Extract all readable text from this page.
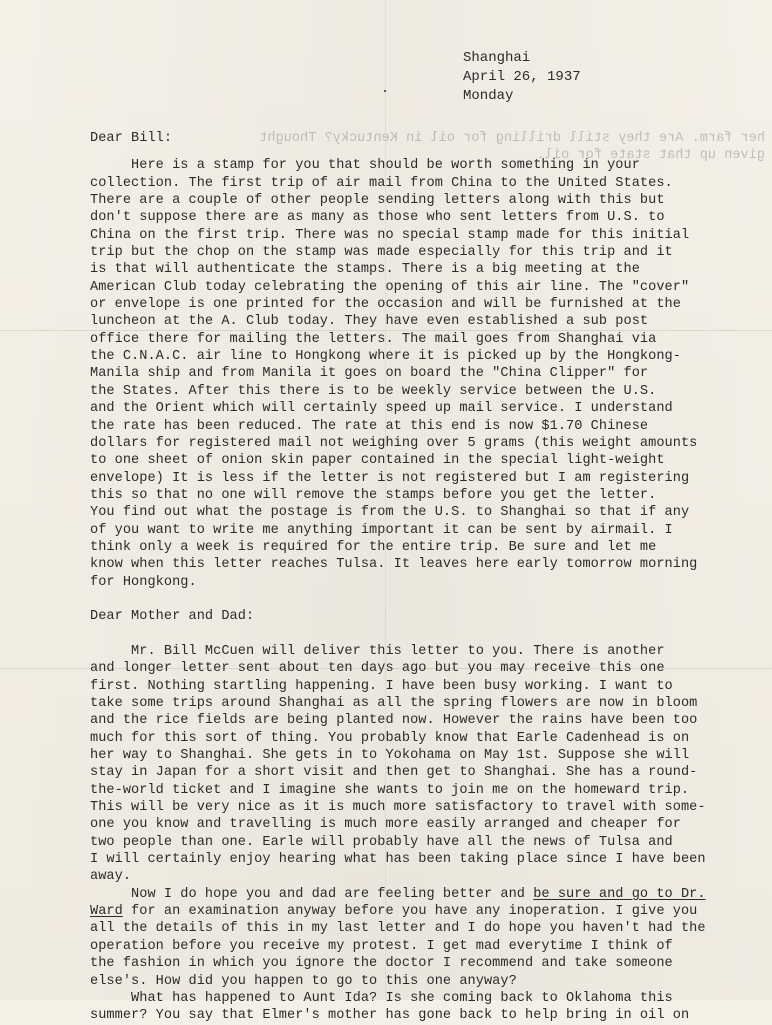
Shanghai
April 26, 1937
Monday
her farm. Are they still drilling for oil in Kentucky? Thought
given up that state for oil.
Dear Bill:
Here is a stamp for you that should be worth something in your
collection. The first trip of air mail from China to the United States.
There are a couple of other people sending letters along with this but
don't suppose there are as many as those who sent letters from U.S. to
China on the first trip. There was no special stamp made for this initial
trip but the chop on the stamp was made especially for this trip and it
is that will authenticate the stamps. There is a big meeting at the
American Club today celebrating the opening of this air line. The "cover"
or envelope is one printed for the occasion and will be furnished at the
luncheon at the A. Club today. They have even established a sub post
office there for mailing the letters. The mail goes from Shanghai via
the C.N.A.C. air line to Hongkong where it is picked up by the Hongkong-
Manila ship and from Manila it goes on board the "China Clipper" for
the States. After this there is to be weekly service between the U.S.
and the Orient which will certainly speed up mail service. I understand
the rate has been reduced. The rate at this end is now $1.70 Chinese
dollars for registered mail not weighing over 5 grams (this weight amounts
to one sheet of onion skin paper contained in the special light-weight
envelope) It is less if the letter is not registered but I am registering
this so that no one will remove the stamps before you get the letter.
You find out what the postage is from the U.S. to Shanghai so that if any
of you want to write me anything important it can be sent by airmail. I
think only a week is required for the entire trip. Be sure and let me
know when this letter reaches Tulsa. It leaves here early tomorrow morning
for Hongkong.
Dear Mother and Dad:
Mr. Bill McCuen will deliver this letter to you. There is another
and longer letter sent about ten days ago but you may receive this one
first. Nothing startling happening. I have been busy working. I want to
take some trips around Shanghai as all the spring flowers are now in bloom
and the rice fields are being planted now. However the rains have been too
much for this sort of thing. You probably know that Earle Cadenhead is on
her way to Shanghai. She gets in to Yokohama on May 1st. Suppose she will
stay in Japan for a short visit and then get to Shanghai. She has a round-
the-world ticket and I imagine she wants to join me on the homeward trip.
This will be very nice as it is much more satisfactory to travel with some-
one you know and travelling is much more easily arranged and cheaper for
two people than one. Earle will probably have all the news of Tulsa and
I will certainly enjoy hearing what has been taking place since I have been
away.
Now I do hope you and dad are feeling better and be sure and go to Dr.
Ward for an examination anyway before you have any inoperation. I give you
all the details of this in my last letter and I do hope you haven't had the
operation before you receive my protest. I get mad everytime I think of
the fashion in which you ignore the doctor I recommend and take someone
else's. How did you happen to go to this one anyway?
What has happened to Aunt Ida? Is she coming back to Oklahoma this
summer? You say that Elmer's mother has gone back to help bring in oil on
